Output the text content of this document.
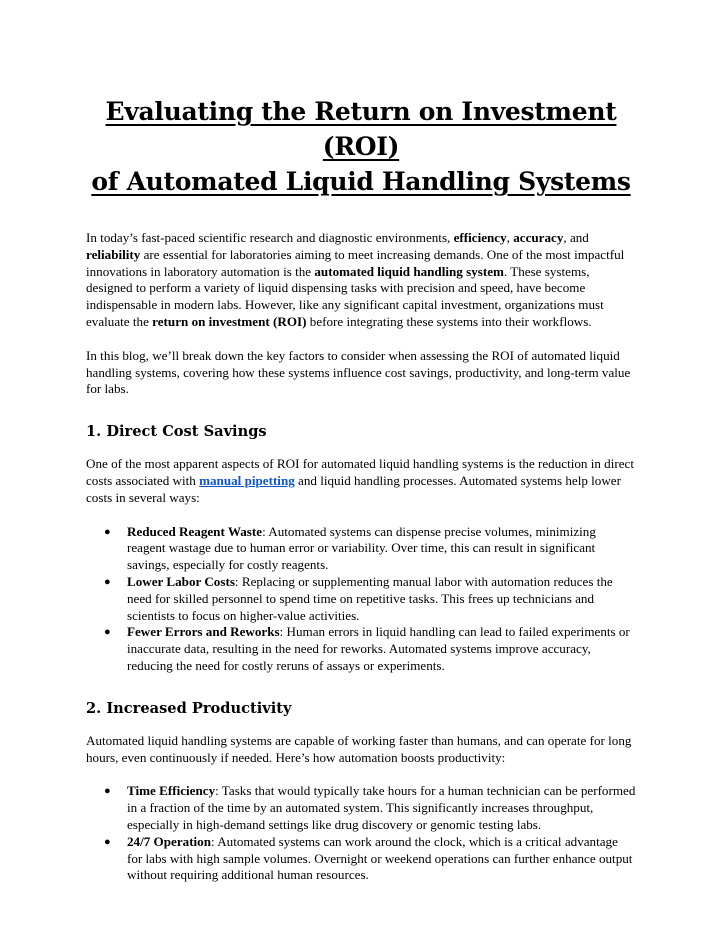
Evaluating the Return on Investment (ROI)
of Automated Liquid Handling Systems

In today’s fast-paced scientific research and diagnostic environments, efficiency, accuracy, and reliability are essential for laboratories aiming to meet increasing demands. One of the most impactful innovations in laboratory automation is the automated liquid handling system. These systems, designed to perform a variety of liquid dispensing tasks with precision and speed, have become indispensable in modern labs. However, like any significant capital investment, organizations must evaluate the return on investment (ROI) before integrating these systems into their workflows.

In this blog, we’ll break down the key factors to consider when assessing the ROI of automated liquid handling systems, covering how these systems influence cost savings, productivity, and long-term value for labs.

1. Direct Cost Savings

One of the most apparent aspects of ROI for automated liquid handling systems is the reduction in direct costs associated with manual pipetting and liquid handling processes. Automated systems help lower costs in several ways:

● Reduced Reagent Waste: Automated systems can dispense precise volumes, minimizing reagent wastage due to human error or variability. Over time, this can result in significant savings, especially for costly reagents.
● Lower Labor Costs: Replacing or supplementing manual labor with automation reduces the need for skilled personnel to spend time on repetitive tasks. This frees up technicians and scientists to focus on higher-value activities.
● Fewer Errors and Reworks: Human errors in liquid handling can lead to failed experiments or inaccurate data, resulting in the need for reworks. Automated systems improve accuracy, reducing the need for costly reruns of assays or experiments.
2. Increased Productivity

Automated liquid handling systems are capable of working faster than humans, and can operate for long hours, even continuously if needed. Here’s how automation boosts productivity:

● Time Efficiency: Tasks that would typically take hours for a human technician can be performed in a fraction of the time by an automated system. This significantly increases throughput, especially in high-demand settings like drug discovery or genomic testing labs.
● 24/7 Operation: Automated systems can work around the clock, which is a critical advantage for labs with high sample volumes. Overnight or weekend operations can further enhance output without requiring additional human resources.
